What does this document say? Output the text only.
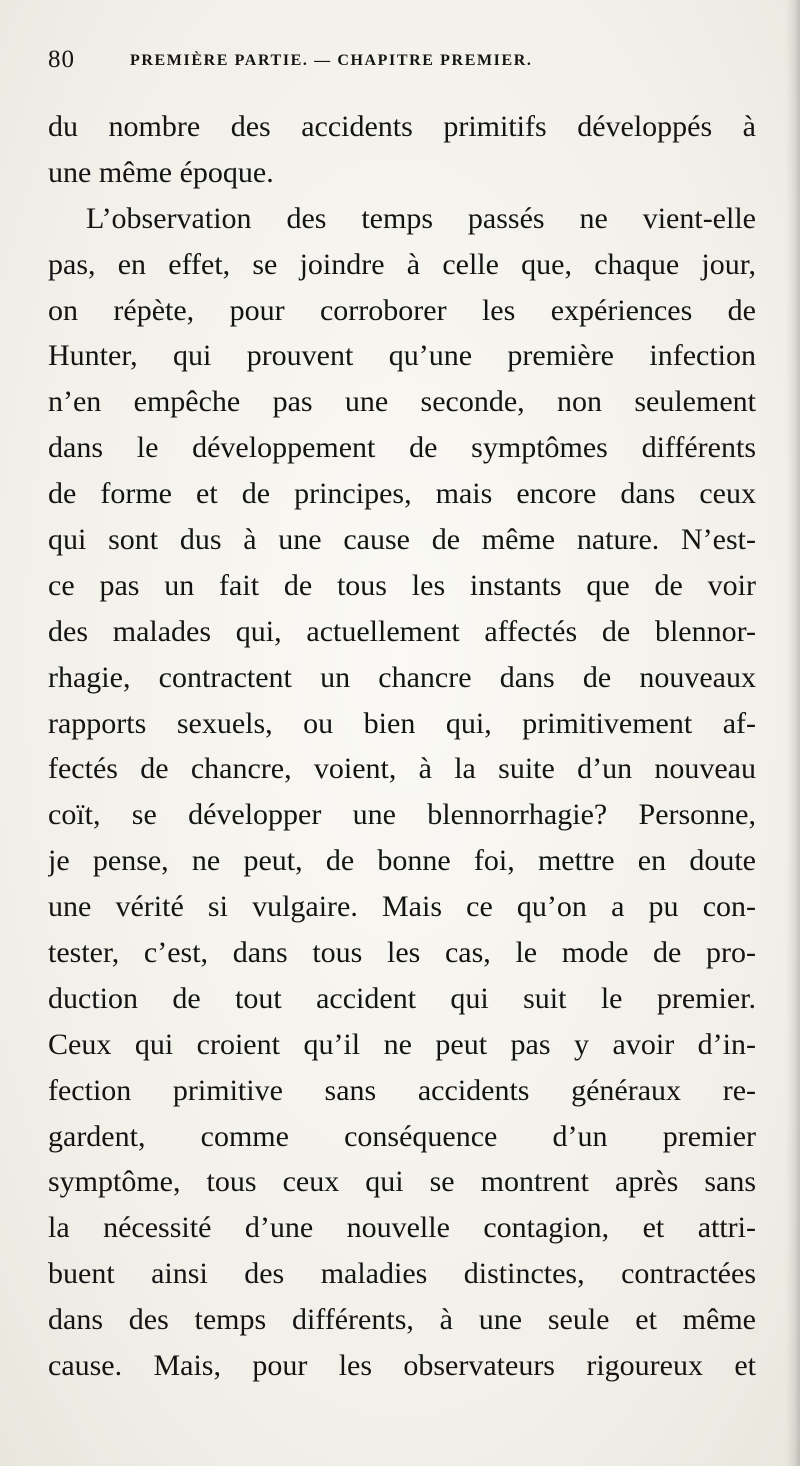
80	PREMIÈRE PARTIE. — CHAPITRE PREMIER.
du nombre des accidents primitifs développés à
une même époque.
L’observation des temps passés ne vient-elle
pas, en effet, se joindre à celle que, chaque jour,
on répète, pour corroborer les expériences de
Hunter, qui prouvent qu’une première infection
n’en empêche pas une seconde, non seulement
dans le développement de symptômes différents
de forme et de principes, mais encore dans ceux
qui sont dus à une cause de même nature. N’est-
ce pas un fait de tous les instants que de voir
des malades qui, actuellement affectés de blennor-
rhagie, contractent un chancre dans de nouveaux
rapports sexuels, ou bien qui, primitivement af-
fectés de chancre, voient, à la suite d’un nouveau
coït, se développer une blennorrhagie? Personne,
je pense, ne peut, de bonne foi, mettre en doute
une vérité si vulgaire. Mais ce qu’on a pu con-
tester, c’est, dans tous les cas, le mode de pro-
duction de tout accident qui suit le premier.
Ceux qui croient qu’il ne peut pas y avoir d’in-
fection primitive sans accidents généraux re-
gardent, comme conséquence d’un premier
symptôme, tous ceux qui se montrent après sans
la nécessité d’une nouvelle contagion, et attri-
buent ainsi des maladies distinctes, contractées
dans des temps différents, à une seule et même
cause. Mais, pour les observateurs rigoureux et
